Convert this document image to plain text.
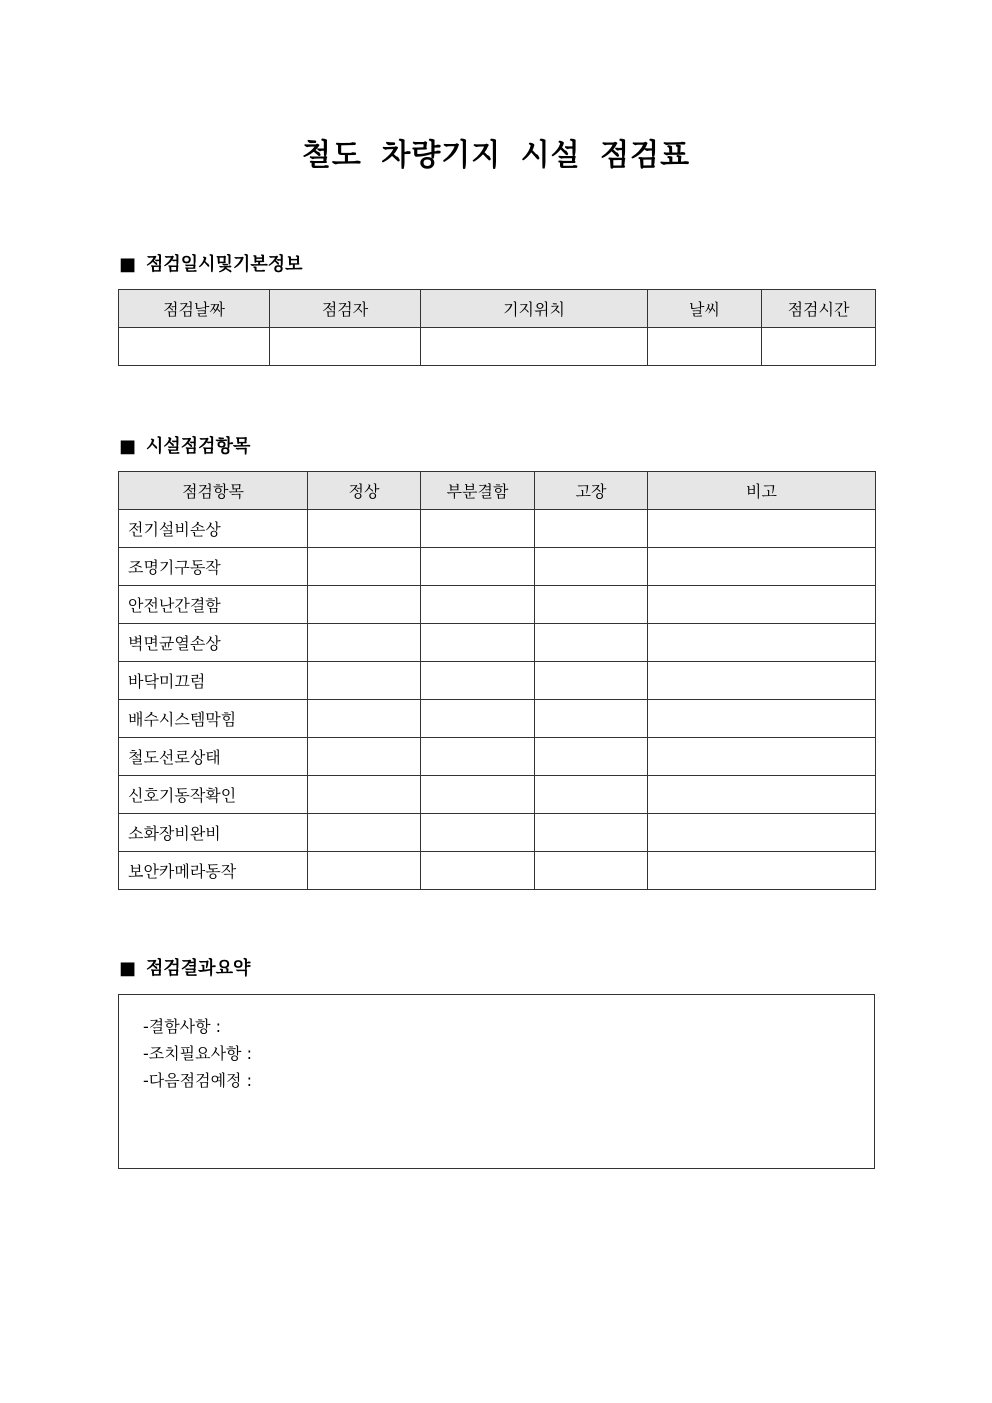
철도 차량기지 시설 점검표
■ 점검일시및기본정보
점검날짜	점검자	기지위치	날씨	점검시간

■ 시설점검항목
점검항목	정상	부분결함	고장	비고
전기설비손상				
조명기구동작				
안전난간결함				
벽면균열손상				
바닥미끄럼				
배수시스템막힘				
철도선로상태				
신호기동작확인				
소화장비완비				
보안카메라동작				
■ 점검결과요약
-결함사항 :
-조치필요사항 :
-다음점검예정 :
